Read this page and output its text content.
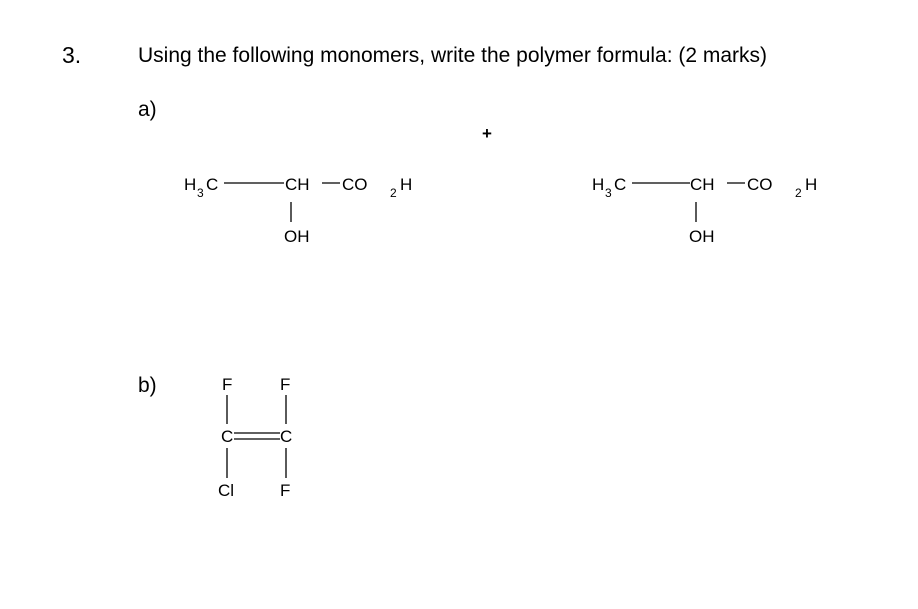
3.	Using the following monomers, write the polymer formula: (2 marks)
a)
+
b)
H 3 C	CH CO 2 H
OH
H 3 C	CH CO 2 H
OH
F	F
C	C
Cl	F
